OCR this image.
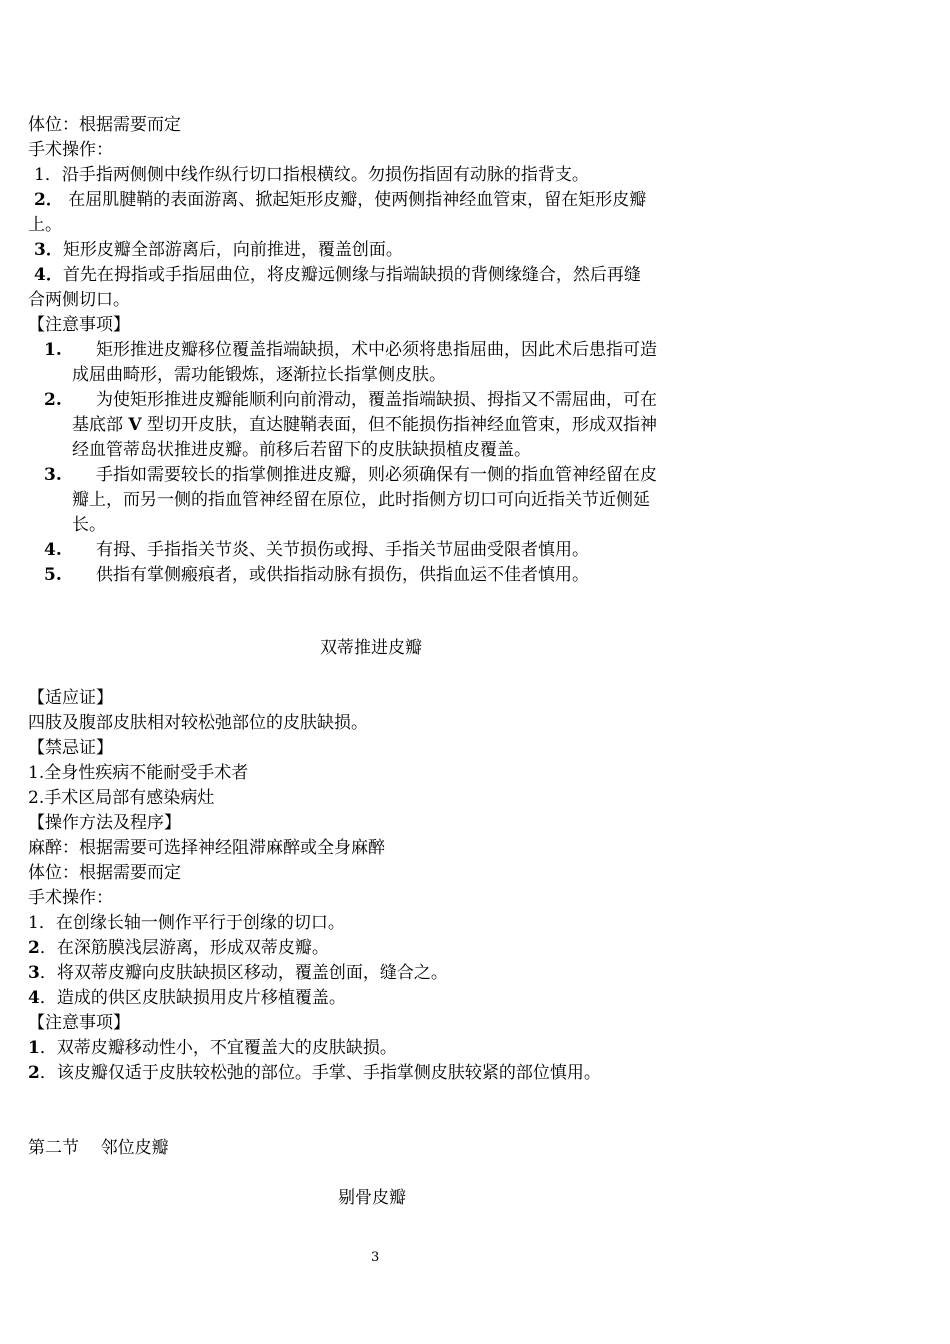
体位：根据需要而定
手术操作：
1．沿手指两侧侧中线作纵行切口指根横纹。勿损伤指固有动脉的指背支。
2． 在屈肌腱鞘的表面游离、掀起矩形皮瓣，使两侧指神经血管束，留在矩形皮瓣
上。
3．矩形皮瓣全部游离后，向前推进，覆盖创面。
4．首先在拇指或手指屈曲位，将皮瓣远侧缘与指端缺损的背侧缘缝合，然后再缝
合两侧切口。
【注意事项】
1. 矩形推进皮瓣移位覆盖指端缺损，术中必须将患指屈曲，因此术后患指可造
成屈曲畸形，需功能锻炼，逐渐拉长指掌侧皮肤。
2. 为使矩形推进皮瓣能顺利向前滑动，覆盖指端缺损、拇指又不需屈曲，可在
基底部 V 型切开皮肤，直达腱鞘表面，但不能损伤指神经血管束，形成双指神
经血管蒂岛状推进皮瓣。前移后若留下的皮肤缺损植皮覆盖。
3. 手指如需要较长的指掌侧推进皮瓣，则必须确保有一侧的指血管神经留在皮
瓣上，而另一侧的指血管神经留在原位，此时指侧方切口可向近指关节近侧延
长。
4. 有拇、手指指关节炎、关节损伤或拇、手指关节屈曲受限者慎用。
5. 供指有掌侧瘢痕者，或供指指动脉有损伤，供指血运不佳者慎用。
双蒂推进皮瓣
【适应证】
四肢及腹部皮肤相对较松弛部位的皮肤缺损。
【禁忌证】
1.全身性疾病不能耐受手术者
2.手术区局部有感染病灶
【操作方法及程序】
麻醉：根据需要可选择神经阻滞麻醉或全身麻醉
体位：根据需要而定
手术操作：
1．在创缘长轴一侧作平行于创缘的切口。
2．在深筋膜浅层游离，形成双蒂皮瓣。
3．将双蒂皮瓣向皮肤缺损区移动，覆盖创面，缝合之。
4．造成的供区皮肤缺损用皮片移植覆盖。
【注意事项】
1．双蒂皮瓣移动性小，不宜覆盖大的皮肤缺损。
2．该皮瓣仅适于皮肤较松弛的部位。手掌、手指掌侧皮肤较紧的部位慎用。
第二节    邻位皮瓣
剔骨皮瓣
3
